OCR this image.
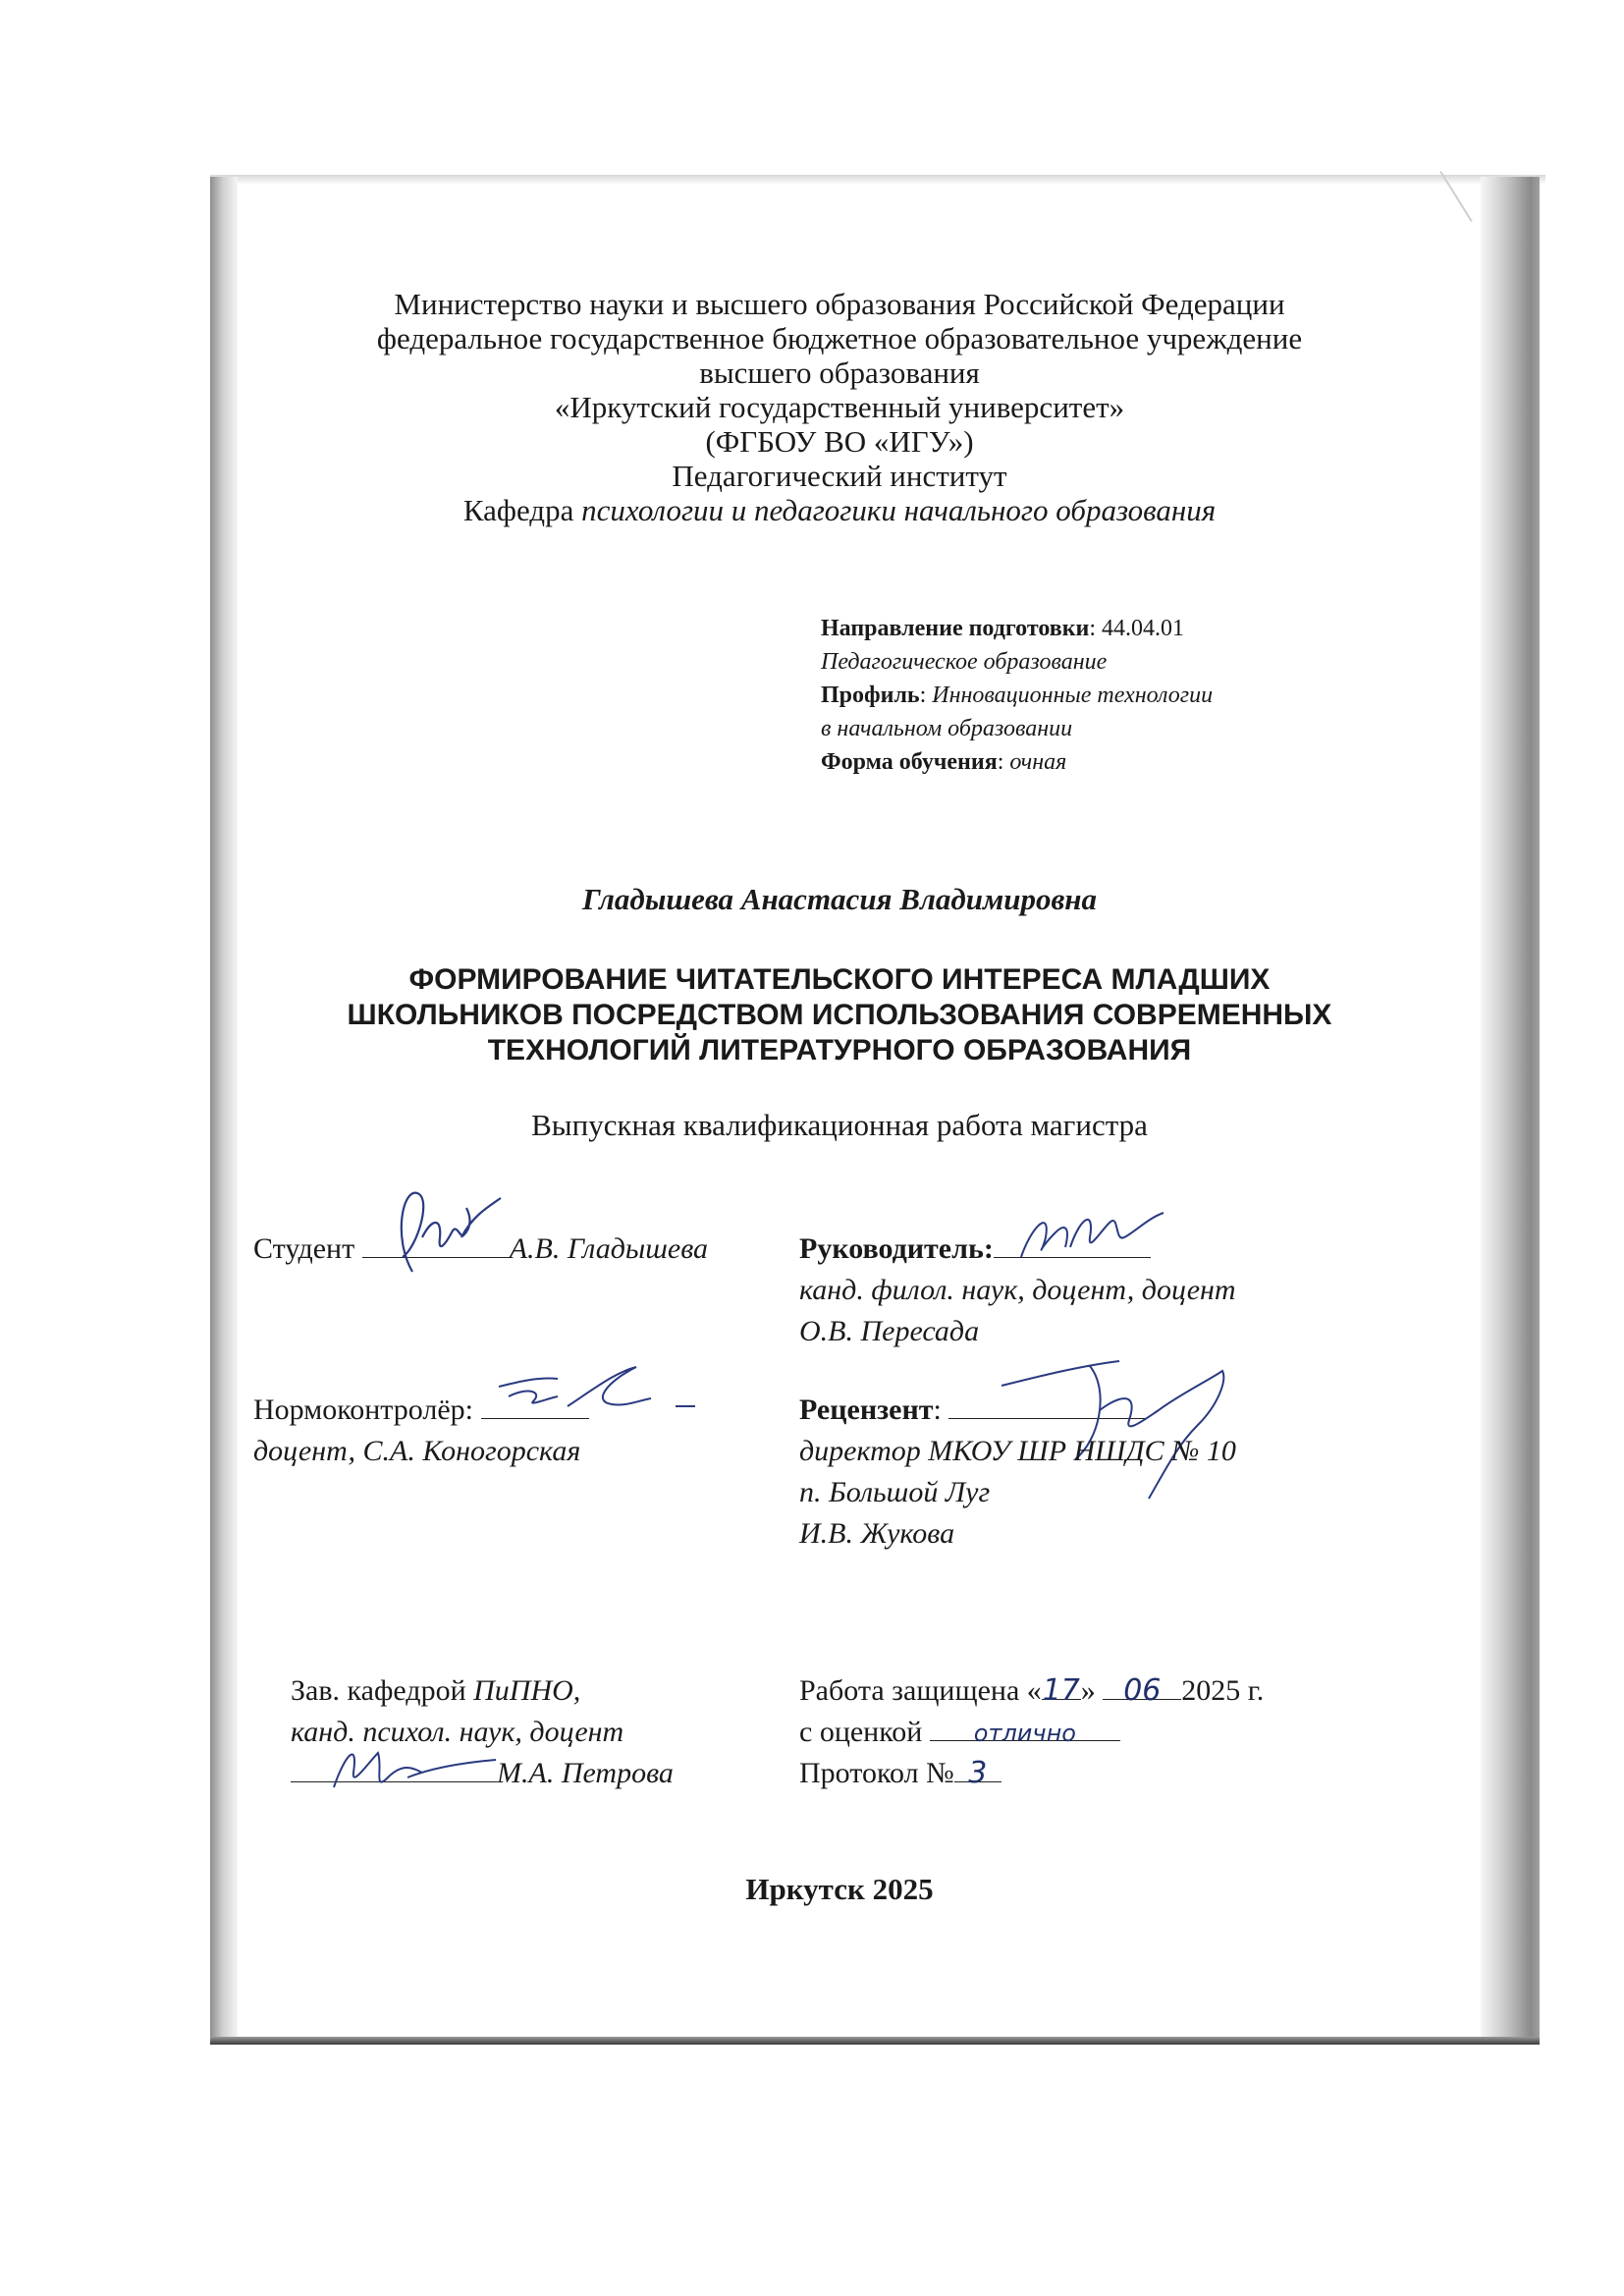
Министерство науки и высшего образования Российской Федерации
федеральное государственное бюджетное образовательное учреждение
высшего образования
«Иркутский государственный университет»
(ФГБОУ ВО «ИГУ»)
Педагогический институт
Кафедра психологии и педагогики начального образования
Направление подготовки: 44.04.01
Педагогическое образование
Профиль: Инновационные технологии
в начальном образовании
Форма обучения: очная
Гладышева Анастасия Владимировна
ФОРМИРОВАНИЕ ЧИТАТЕЛЬСКОГО ИНТЕРЕСА МЛАДШИХ
ШКОЛЬНИКОВ ПОСРЕДСТВОМ ИСПОЛЬЗОВАНИЯ СОВРЕМЕННЫХ
ТЕХНОЛОГИЙ ЛИТЕРАТУРНОГО ОБРАЗОВАНИЯ
Выпускная квалификационная работа магистра
Студент	А.В. Гладышева	Руководитель:
канд. филол. наук, доцент, доцент
О.В. Пересада
Нормоконтролёр:
доцент, С.А. Коногорская
Рецензент:
директор МКОУ ШР НШДС № 10
п. Большой Луг
И.В. Жукова
Зав. кафедрой ПиПНО,
канд. психол. наук, доцент
М.А. Петрова
Работа защищена «17» 06 2025 г.
с оценкой отлично
Протокол № 3
Иркутск 2025
